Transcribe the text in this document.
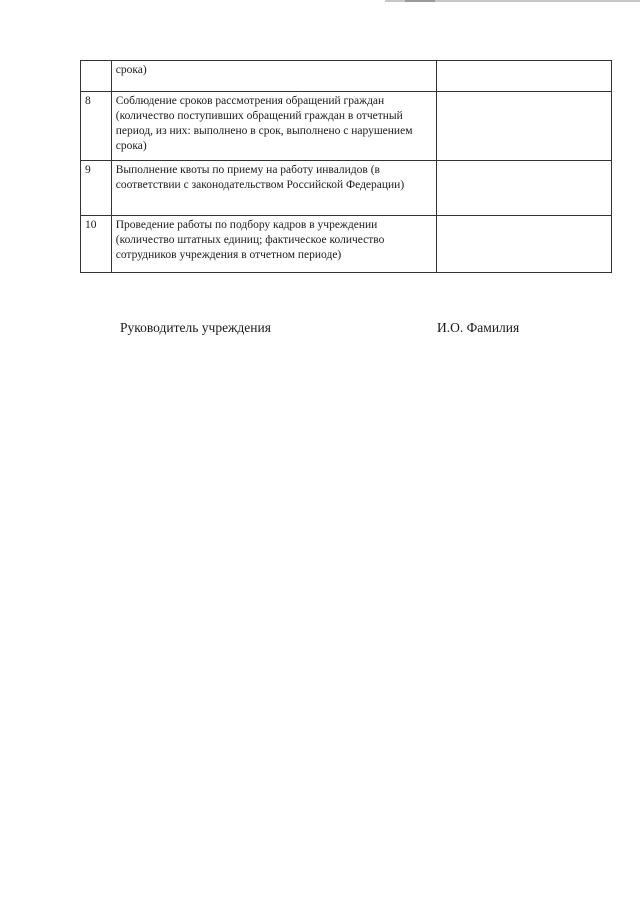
	срока)	
8	Соблюдение сроков рассмотрения обращений граждан (количество поступивших обращений граждан в отчетный период, из них: выполнено в срок, выполнено с нарушением срока)	
9	Выполнение квоты по приему на работу инвалидов (в соответствии с законодательством Российской Федерации)	
10	Проведение работы по подбору кадров в учреждении (количество штатных единиц; фактическое количество сотрудников учреждения в отчетном периоде)	
Руководитель учреждения	И.О. Фамилия
